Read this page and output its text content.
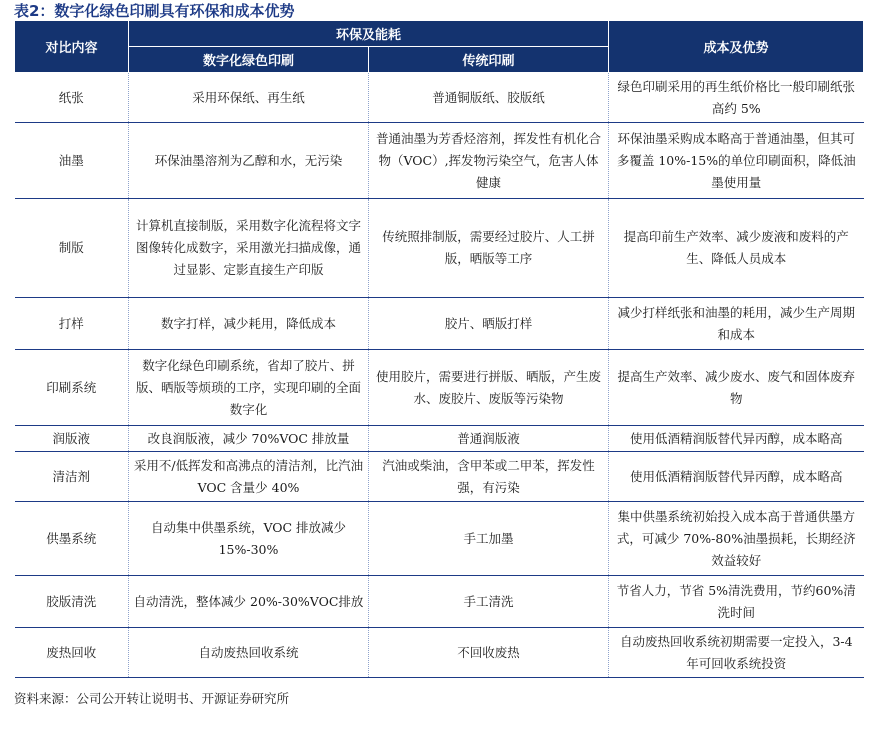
表2：数字化绿色印刷具有环保和成本优势
对比内容	环保及能耗		成本及优势
	数字化绿色印刷	传统印刷	
纸张	采用环保纸、再生纸	普通铜版纸、胶版纸	绿色印刷采用的再生纸价格比一般印刷纸张高约 5%
油墨	环保油墨溶剂为乙醇和水，无污染	普通油墨为芳香烃溶剂，挥发性有机化合物（VOC）,挥发物污染空气，危害人体健康	环保油墨采购成本略高于普通油墨，但其可多覆盖 10%-15%的单位印刷面积，降低油墨使用量
制版	计算机直接制版，采用数字化流程将文字图像转化成数字，采用激光扫描成像，通过显影、定影直接生产印版	传统照排制版，需要经过胶片、人工拼版，晒版等工序	提高印前生产效率、减少废液和废料的产生、降低人员成本
打样	数字打样，减少耗用，降低成本	胶片、晒版打样	减少打样纸张和油墨的耗用，减少生产周期和成本
印刷系统	数字化绿色印刷系统，省却了胶片、拼版、晒版等烦琐的工序，实现印刷的全面数字化	使用胶片，需要进行拼版、晒版，产生废水、废胶片、废版等污染物	提高生产效率、减少废水、废气和固体废弃物
润版液	改良润版液，减少 70%VOC 排放量	普通润版液	使用低酒精润版替代异丙醇，成本略高
清洁剂	采用不/低挥发和高沸点的清洁剂，比汽油 VOC 含量少 40%	汽油或柴油，含甲苯或二甲苯，挥发性强，有污染	使用低酒精润版替代异丙醇，成本略高
供墨系统	自动集中供墨系统，VOC 排放减少15%-30%	手工加墨	集中供墨系统初始投入成本高于普通供墨方式，可减少 70%-80%油墨损耗，长期经济效益较好
胶版清洗	自动清洗，整体减少 20%-30%VOC排放	手工清洗	节省人力，节省 5%清洗费用，节约60%清洗时间
废热回收	自动废热回收系统	不回收废热	自动废热回收系统初期需要一定投入，3-4 年可回收系统投资
资料来源：公司公开转让说明书、开源证券研究所
